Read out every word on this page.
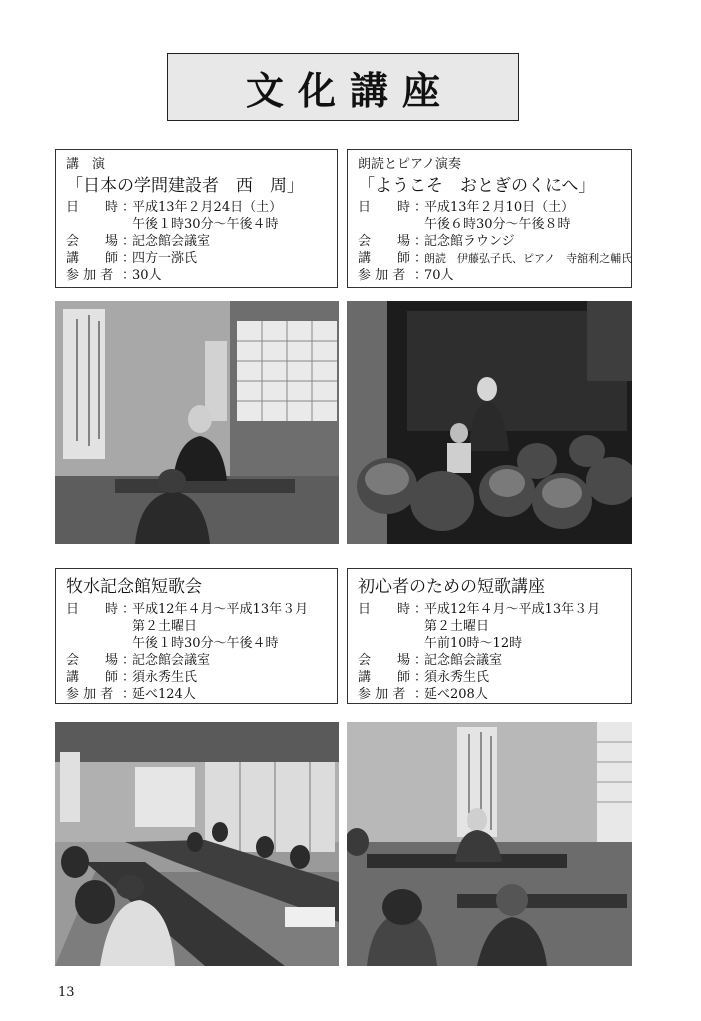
文化講座
講　演
「日本の学問建設者　西　周」
日　　時 ：
平成13年２月24日（土）
午後１時30分～午後４時
会　　場 ：
記念館会議室
講　　師 ：
四方一㳽氏
参 加 者 ：
30人
朗読とピアノ演奏
「ようこそ　おとぎのくにへ」
日　　時 ：
平成13年２月10日（土）
午後６時30分～午後８時
会　　場 ：
記念館ラウンジ
講　　師 ：
朗読　伊藤弘子氏、ピアノ　寺舘利之輔氏
参 加 者 ：
70人
牧水記念館短歌会
日　　時 ：
平成12年４月～平成13年３月
第２土曜日
午後１時30分～午後４時
会　　場 ：
記念館会議室
講　　師 ：
須永秀生氏
参 加 者 ：
延べ124人
初心者のための短歌講座
日　　時 ：
平成12年４月～平成13年３月
第２土曜日
午前10時～12時
会　　場 ：
記念館会議室
講　　師 ：
須永秀生氏
参 加 者 ：
延べ208人
13
